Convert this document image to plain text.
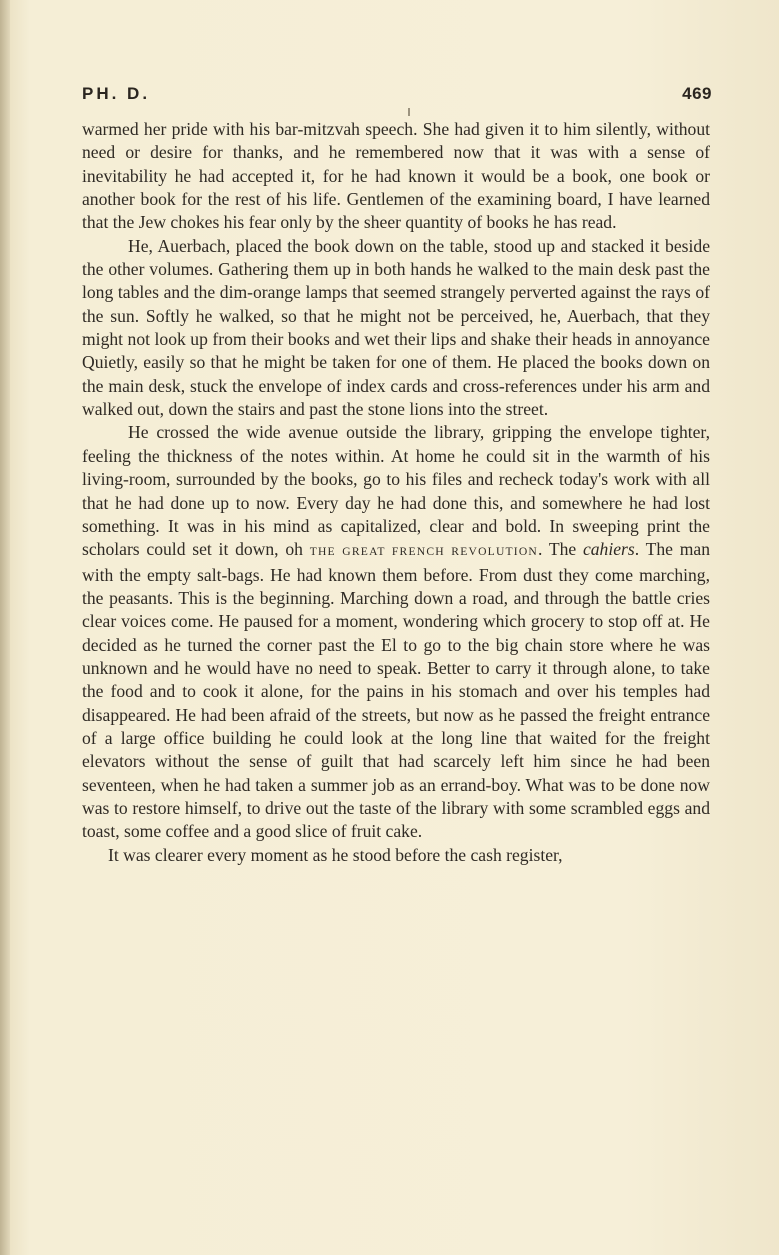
PH. D.	469

warmed her pride with his bar-mitzvah speech. She had given it to him silently, without need or desire for thanks, and he remembered now that it was with a sense of inevitability he had accepted it, for he had known it would be a book, one book or another book for the rest of his life. Gentlemen of the examining board, I have learned that the Jew chokes his fear only by the sheer quantity of books he has read.

He, Auerbach, placed the book down on the table, stood up and stacked it beside the other volumes. Gathering them up in both hands he walked to the main desk past the long tables and the dim-orange lamps that seemed strangely perverted against the rays of the sun. Softly he walked, so that he might not be perceived, he, Auerbach, that they might not look up from their books and wet their lips and shake their heads in annoyance Quietly, easily so that he might be taken for one of them. He placed the books down on the main desk, stuck the envelope of index cards and cross-references under his arm and walked out, down the stairs and past the stone lions into the street.

He crossed the wide avenue outside the library, gripping the envelope tighter, feeling the thickness of the notes within. At home he could sit in the warmth of his living-room, surrounded by the books, go to his files and recheck today's work with all that he had done up to now. Every day he had done this, and somewhere he had lost something. It was in his mind as capitalized, clear and bold. In sweeping print the scholars could set it down, oh THE GREAT FRENCH REVOLUTION. The cahiers. The man with the empty salt-bags. He had known them before. From dust they come marching, the peasants. This is the beginning. Marching down a road, and through the battle cries clear voices come. He paused for a moment, wondering which grocery to stop off at. He decided as he turned the corner past the El to go to the big chain store where he was unknown and he would have no need to speak. Better to carry it through alone, to take the food and to cook it alone, for the pains in his stomach and over his temples had disappeared. He had been afraid of the streets, but now as he passed the freight entrance of a large office building he could look at the long line that waited for the freight elevators without the sense of guilt that had scarcely left him since he had been seventeen, when he had taken a summer job as an errand-boy. What was to be done now was to restore himself, to drive out the taste of the library with some scrambled eggs and toast, some coffee and a good slice of fruit cake.

It was clearer every moment as he stood before the cash register,
